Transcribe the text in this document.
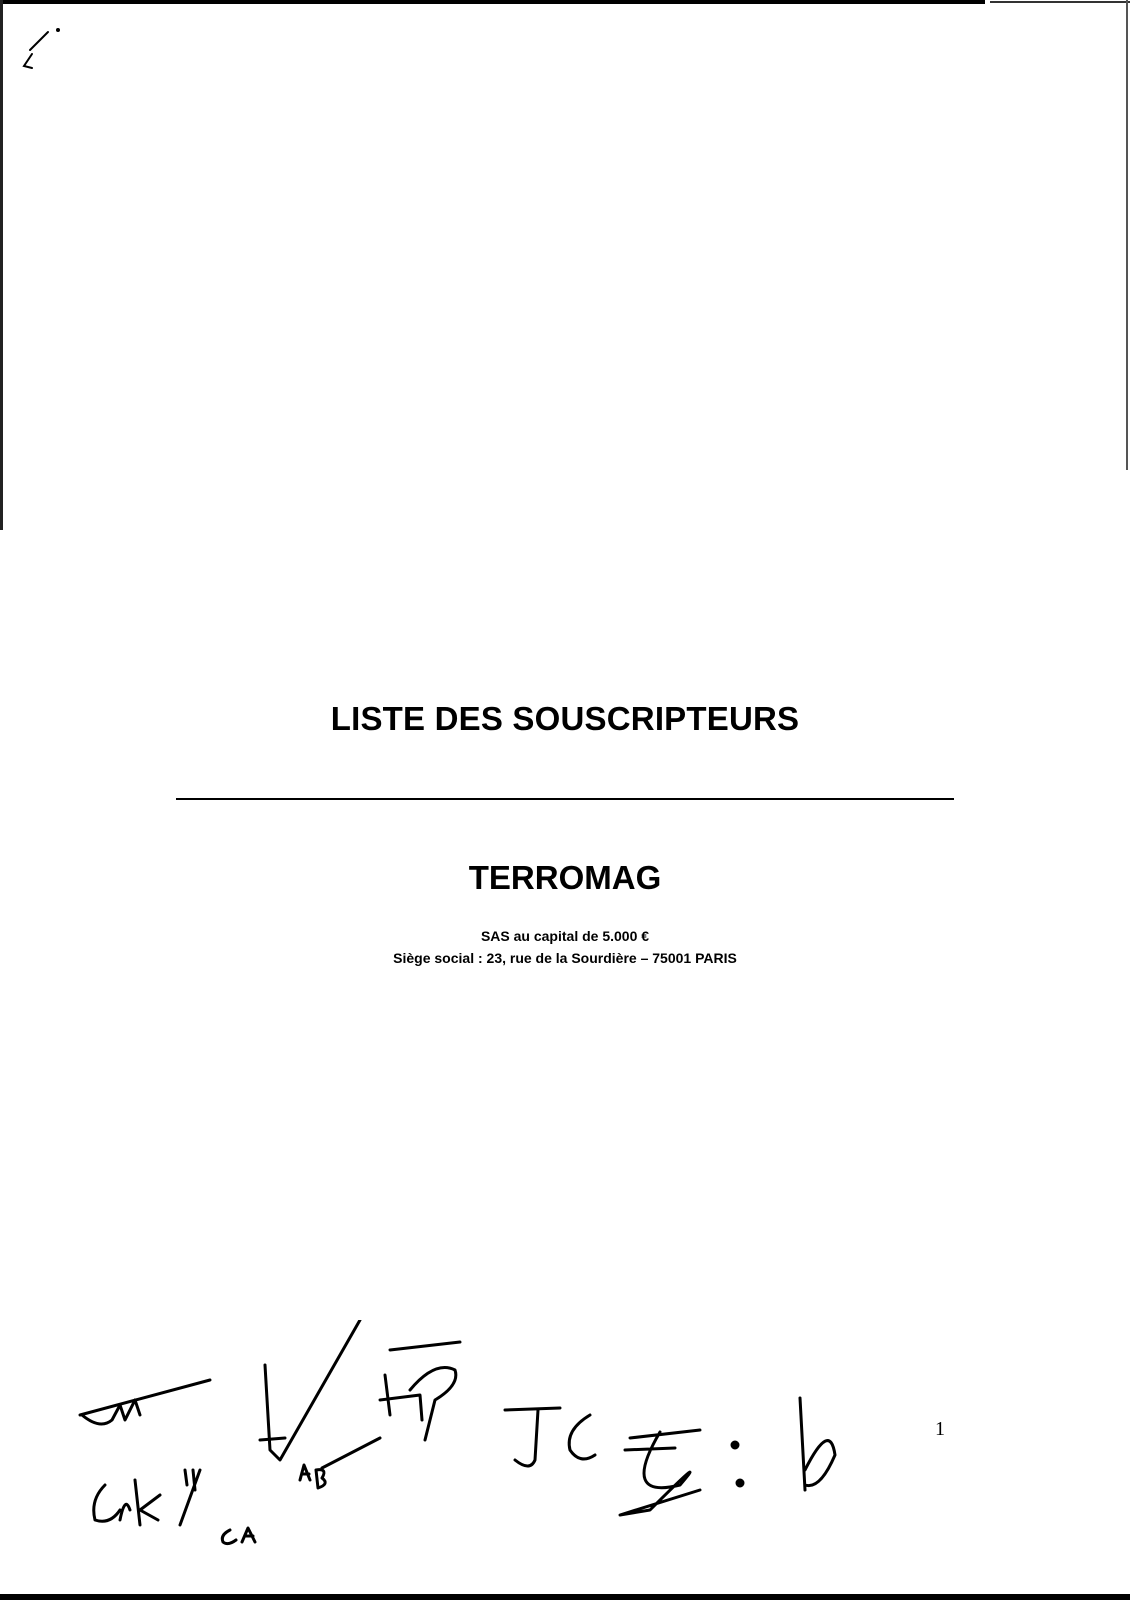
LISTE DES SOUSCRIPTEURS
TERROMAG
SAS au capital de 5.000 €
Siège social : 23, rue de la Sourdière – 75001 PARIS
1
